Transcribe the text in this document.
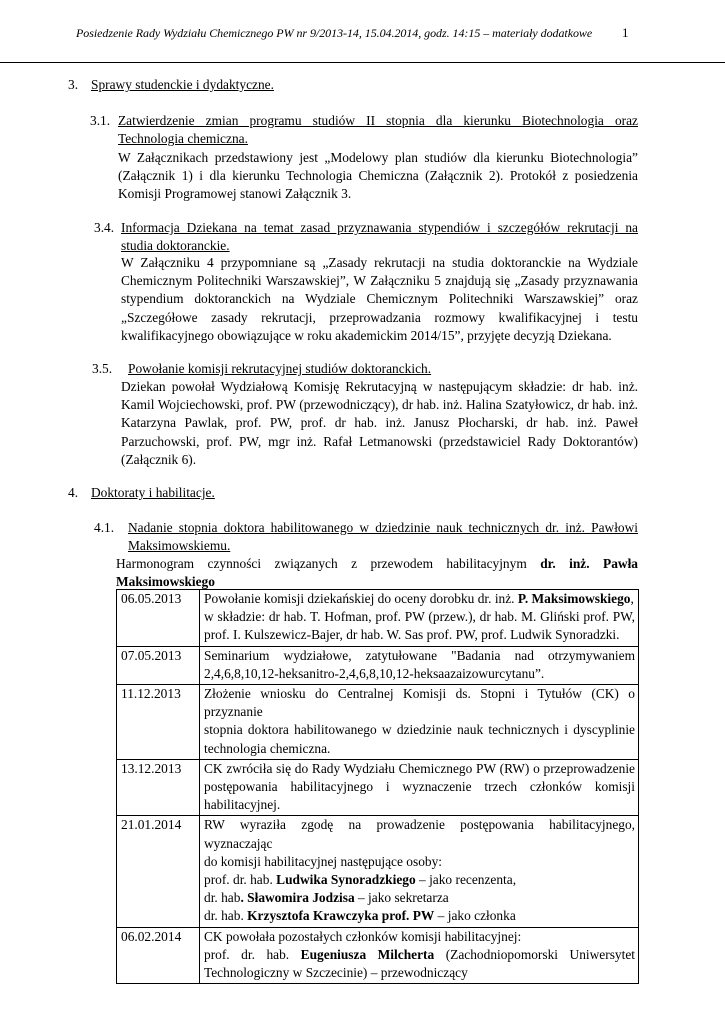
Posiedzenie Rady Wydziału Chemicznego PW nr 9/2013-14, 15.04.2014, godz. 14:15 – materiały dodatkowe 1
3. Sprawy studenckie i dydaktyczne.
3.1. Zatwierdzenie zmian programu studiów II stopnia dla kierunku Biotechnologia oraz
Technologia chemiczna.
W Załącznikach przedstawiony jest „Modelowy plan studiów dla kierunku Biotechnologia”
(Załącznik 1) i dla kierunku Technologia Chemiczna (Załącznik 2). Protokół z posiedzenia
Komisji Programowej stanowi Załącznik 3.
3.4. Informacja Dziekana na temat zasad przyznawania stypendiów i szczegółów rekrutacji na
studia doktoranckie.
W Załączniku 4 przypomniane są „Zasady rekrutacji na studia doktoranckie na Wydziale
Chemicznym Politechniki Warszawskiej”, W Załączniku 5 znajdują się „Zasady przyznawania
stypendium doktoranckich na Wydziale Chemicznym Politechniki Warszawskiej” oraz
„Szczegółowe zasady rekrutacji, przeprowadzania rozmowy kwalifikacyjnej i testu
kwalifikacyjnego obowiązujące w roku akademickim 2014/15”, przyjęte decyzją Dziekana.
3.5. Powołanie komisji rekrutacyjnej studiów doktoranckich.
Dziekan powołał Wydziałową Komisję Rekrutacyjną w następującym składzie: dr hab. inż.
Kamil Wojciechowski, prof. PW (przewodniczący), dr hab. inż. Halina Szatyłowicz, dr hab. inż.
Katarzyna Pawlak, prof. PW, prof. dr hab. inż. Janusz Płocharski, dr hab. inż. Paweł
Parzuchowski, prof. PW, mgr inż. Rafał Letmanowski (przedstawiciel Rady Doktorantów)
(Załącznik 6).
4. Doktoraty i habilitacje.
4.1. Nadanie stopnia doktora habilitowanego w dziedzinie nauk technicznych dr. inż. Pawłowi
Maksimowskiemu.
Harmonogram czynności związanych z przewodem habilitacyjnym dr. inż. Pawła
Maksimowskiego
06.05.2013	Powołanie komisji dziekańskiej do oceny dorobku dr. inż. P. Maksimowskiego,
w składzie: dr hab. T. Hofman, prof. PW (przew.), dr hab. M. Gliński prof. PW,
prof. I. Kulszewicz-Bajer, dr hab. W. Sas prof. PW, prof. Ludwik Synoradzki.

07.05.2013	Seminarium wydziałowe, zatytułowane "Badania nad otrzymywaniem
2,4,6,8,10,12-heksanitro-2,4,6,8,10,12-heksaazaizowurcytanu”.

11.12.2013	Złożenie wniosku do Centralnej Komisji ds. Stopni i Tytułów (CK) o przyznanie
stopnia doktora habilitowanego w dziedzinie nauk technicznych i dyscyplinie
technologia chemiczna.

13.12.2013	CK zwróciła się do Rady Wydziału Chemicznego PW (RW) o przeprowadzenie
postępowania habilitacyjnego i wyznaczenie trzech członków komisji
habilitacyjnej.

21.01.2014	RW wyraziła zgodę na prowadzenie postępowania habilitacyjnego, wyznaczając
do komisji habilitacyjnej następujące osoby:
prof. dr. hab. Ludwika Synoradzkiego – jako recenzenta,
dr. hab. Sławomira Jodzisa – jako sekretarza
dr. hab. Krzysztofa Krawczyka prof. PW – jako członka

06.02.2014	CK powołała pozostałych członków komisji habilitacyjnej:
prof. dr. hab. Eugeniusza Milcherta (Zachodniopomorski Uniwersytet
Technologiczny w Szczecinie) – przewodniczący
